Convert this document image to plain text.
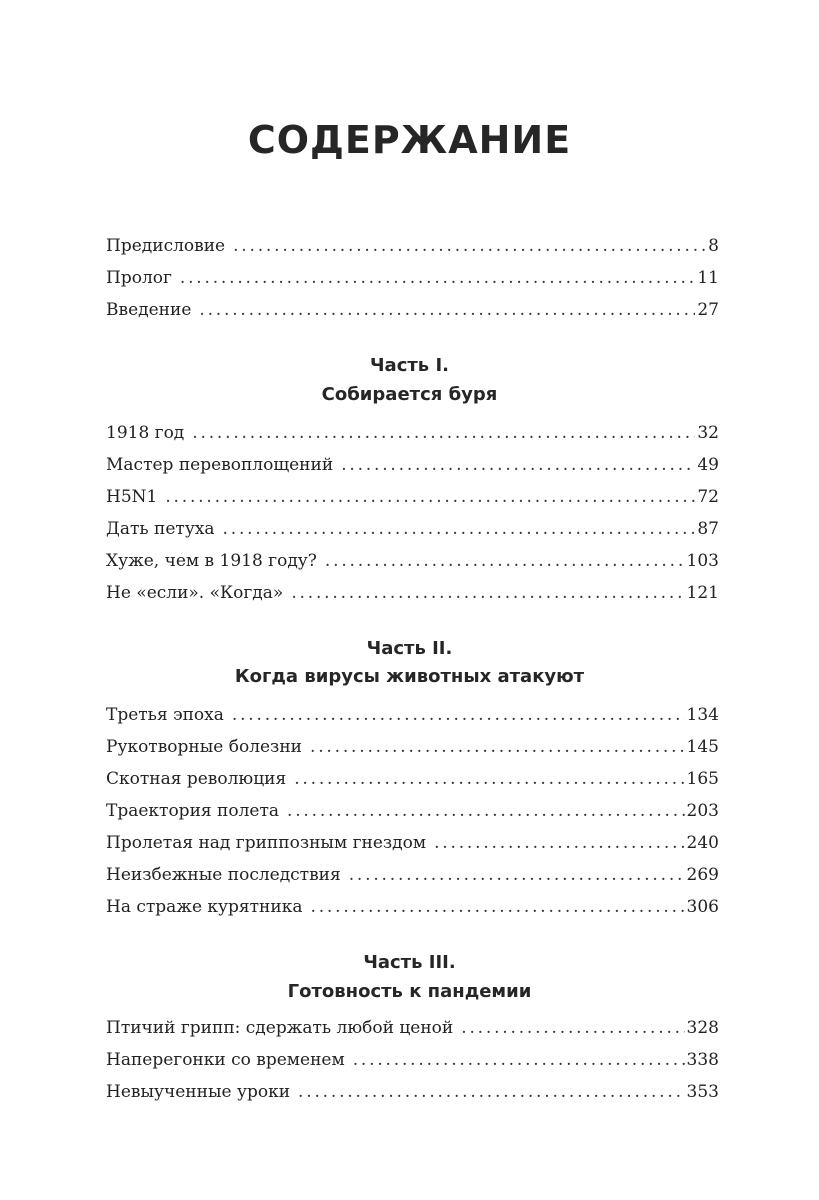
СОДЕРЖАНИЕ
Предисловие . . .	8
Пролог . . .	11
Введение . . .	27
Часть I.
Собирается буря
1918 год . . .	32
Мастер перевоплощений . . .	49
H5N1 . . .	72
Дать петуха . . .	87
Хуже, чем в 1918 году? . . .	103
Не «если». «Когда» . . .	121
Часть II.
Когда вирусы животных атакуют
Третья эпоха . . .	134
Рукотворные болезни . . .	145
Скотная революция . . .	165
Траектория полета . . .	203
Пролетая над гриппозным гнездом . . .	240
Неизбежные последствия . . .	269
На страже курятника . . .	306
Часть III.
Готовность к пандемии
Птичий грипп: сдержать любой ценой . . .	328
Наперегонки со временем . . .	338
Невыученные уроки . . .	353
